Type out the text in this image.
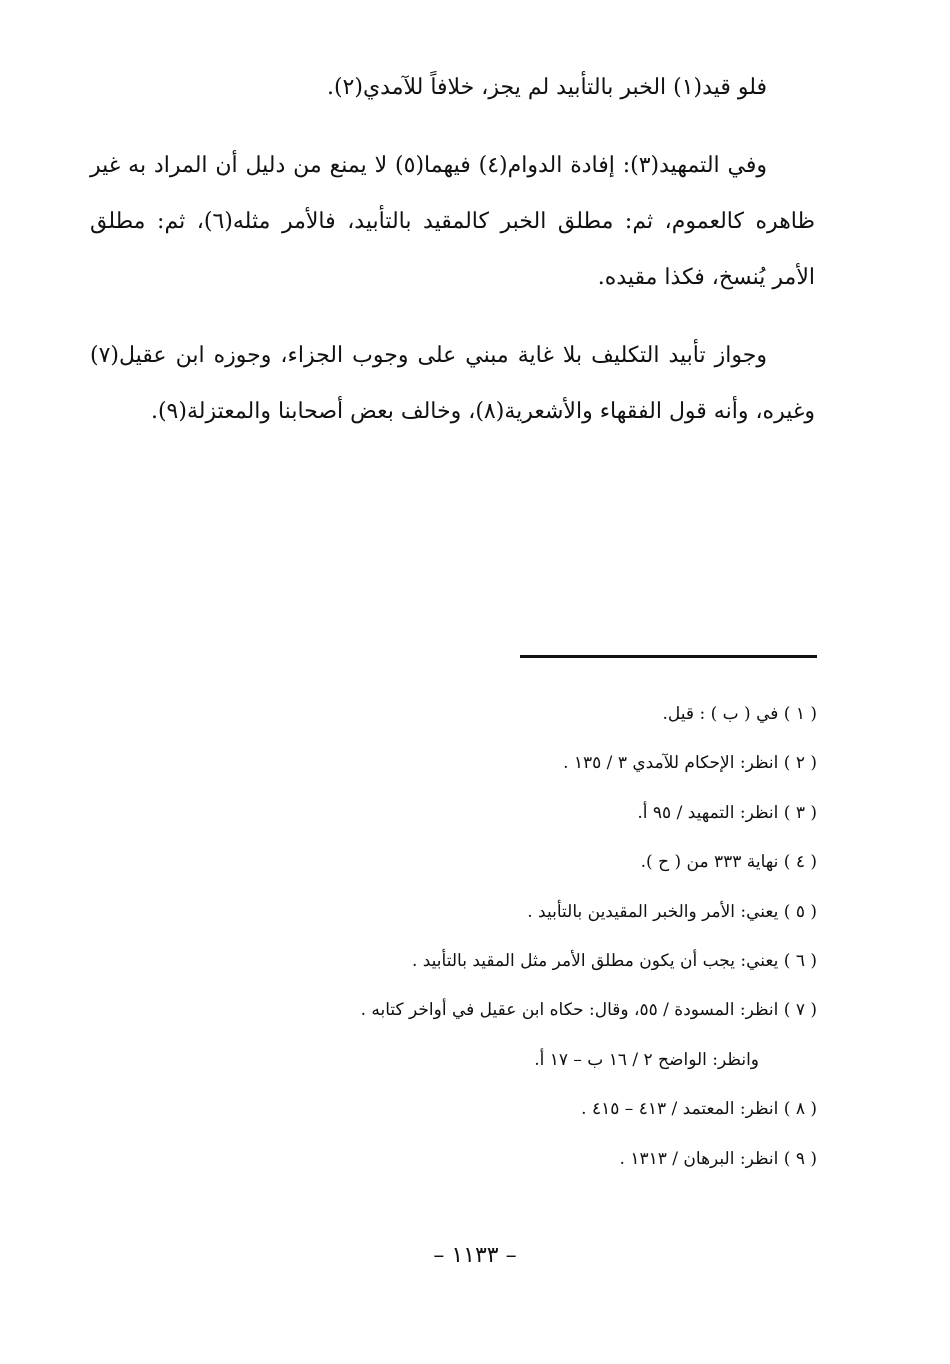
فلو قيد(١) الخبر بالتأبيد لم يجز، خلافاً للآمدي(٢).

وفي التمهيد(٣): إفادة الدوام(٤) فيهما(٥) لا يمنع من دليل أن المراد به غير ظاهره كالعموم، ثم: مطلق الخبر كالمقيد بالتأبيد، فالأمر مثله(٦)، ثم: مطلق الأمر يُنسخ، فكذا مقيده.

وجواز تأبيد التكليف بلا غاية مبني على وجوب الجزاء، وجوزه ابن عقيل(٧) وغيره، وأنه قول الفقهاء والأشعرية(٨)، وخالف بعض أصحابنا والمعتزلة(٩).

( ١ ) في ( ب ) : قيل.

( ٢ ) انظر: الإحكام للآمدي ٣ / ١٣٥ .

( ٣ ) انظر: التمهيد / ٩٥ أ.

( ٤ ) نهاية ٣٣٣ من ( ح ).

( ٥ ) يعني: الأمر والخبر المقيدين بالتأبيد .

( ٦ ) يعني: يجب أن يكون مطلق الأمر مثل المقيد بالتأبيد .

( ٧ ) انظر: المسودة / ٥٥، وقال: حكاه ابن عقيل في أواخر كتابه .

وانظر: الواضح ٢ / ١٦ ب – ١٧ أ.

( ٨ ) انظر: المعتمد / ٤١٣ – ٤١٥ .

( ٩ ) انظر: البرهان / ١٣١٣ .

– ١١٣٣ –
